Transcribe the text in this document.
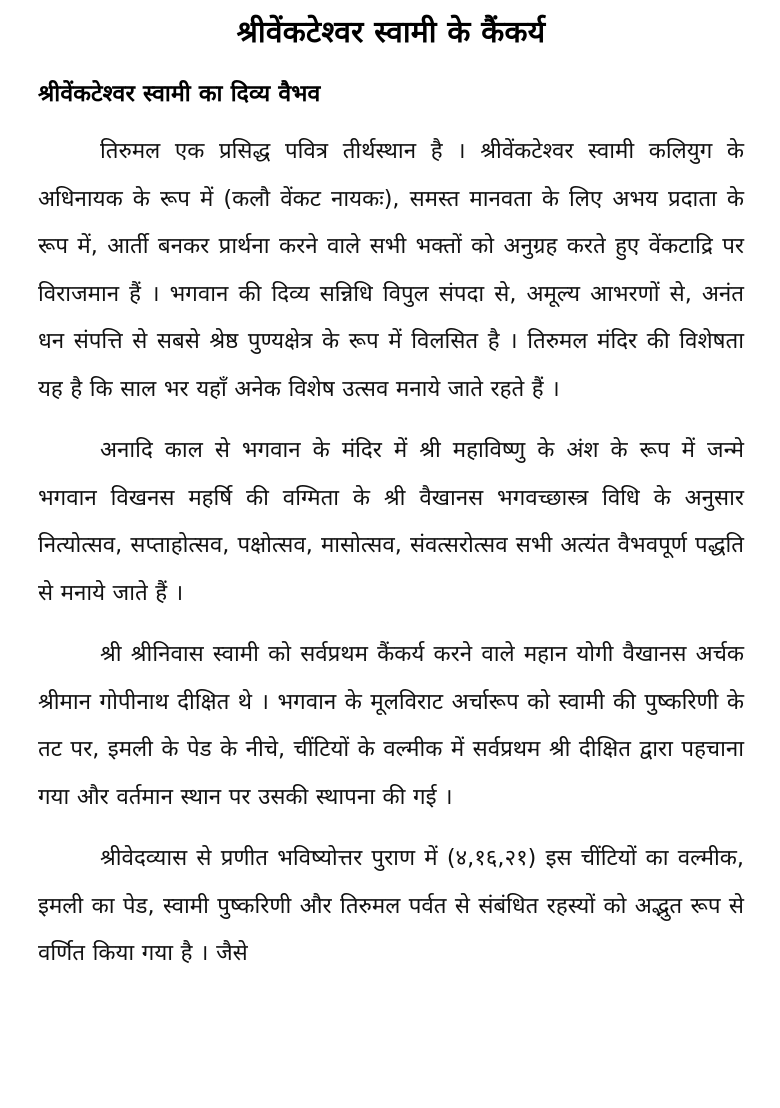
श्रीवेंकटेश्वर स्वामी के कैंकर्य
श्रीवेंकटेश्वर स्वामी का दिव्य वैभव

तिरुमल एक प्रसिद्ध पवित्र तीर्थस्थान है । श्रीवेंकटेश्वर स्वामी कलियुग के अधिनायक के रूप में (कलौ वेंकट नायकः), समस्त मानवता के लिए अभय प्रदाता के रूप में, आर्ती बनकर प्रार्थना करने वाले सभी भक्तों को अनुग्रह करते हुए वेंकटाद्रि पर विराजमान हैं । भगवान की दिव्य सन्निधि विपुल संपदा से, अमूल्य आभरणों से, अनंत धन संपत्ति से सबसे श्रेष्ठ पुण्यक्षेत्र के रूप में विलसित है । तिरुमल मंदिर की विशेषता यह है कि साल भर यहाँ अनेक विशेष उत्सव मनाये जाते रहते हैं ।

अनादि काल से भगवान के मंदिर में श्री महाविष्णु के अंश के रूप में जन्मे भगवान विखनस महर्षि की वग्मिता के श्री वैखानस भगवच्छास्त्र विधि के अनुसार नित्योत्सव, सप्ताहोत्सव, पक्षोत्सव, मासोत्सव, संवत्सरोत्सव सभी अत्यंत वैभवपूर्ण पद्धति से मनाये जाते हैं ।

श्री श्रीनिवास स्वामी को सर्वप्रथम कैंकर्य करने वाले महान योगी वैखानस अर्चक श्रीमान गोपीनाथ दीक्षित थे । भगवान के मूलविराट अर्चारूप को स्वामी की पुष्करिणी के तट पर, इमली के पेड के नीचे, चींटियों के वल्मीक में सर्वप्रथम श्री दीक्षित द्वारा पहचाना गया और वर्तमान स्थान पर उसकी स्थापना की गई ।

श्रीवेदव्यास से प्रणीत भविष्योत्तर पुराण में (४,१६,२१) इस चींटियों का वल्मीक, इमली का पेड, स्वामी पुष्करिणी और तिरुमल पर्वत से संबंधित रहस्यों को अद्भुत रूप से वर्णित किया गया है । जैसे
